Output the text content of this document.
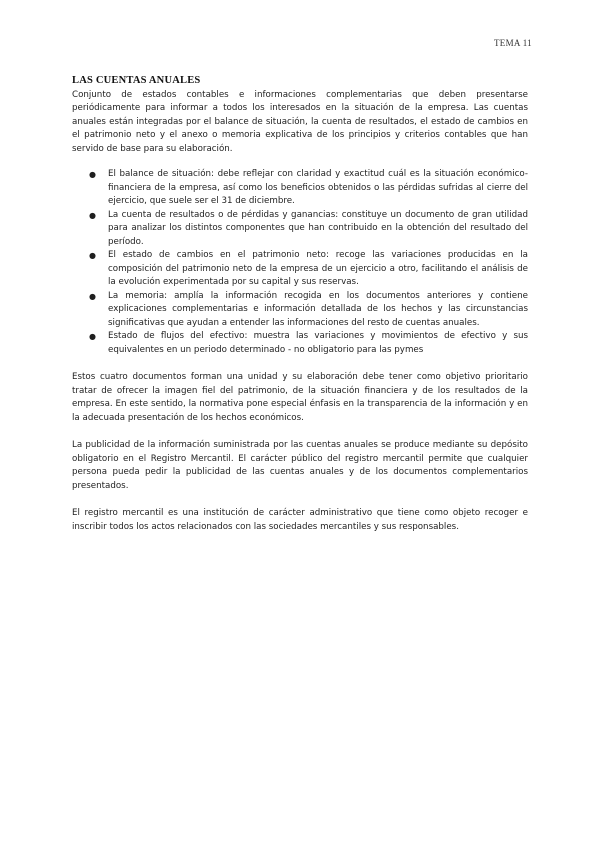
TEMA 11
LAS CUENTAS ANUALES

Conjunto de estados contables e informaciones complementarias que deben presentarse periódicamente para informar a todos los interesados en la situación de la empresa. Las cuentas anuales están integradas por el balance de situación, la cuenta de resultados, el estado de cambios en el patrimonio neto y el anexo o memoria explicativa de los principios y criterios contables que han servido de base para su elaboración.

● El balance de situación: debe reflejar con claridad y exactitud cuál es la situación económico-financiera de la empresa, así como los beneficios obtenidos o las pérdidas sufridas al cierre del ejercicio, que suele ser el 31 de diciembre.
● La cuenta de resultados o de pérdidas y ganancias: constituye un documento de gran utilidad para analizar los distintos componentes que han contribuido en la obtención del resultado del período.
● El estado de cambios en el patrimonio neto: recoge las variaciones producidas en la composición del patrimonio neto de la empresa de un ejercicio a otro, facilitando el análisis de la evolución experimentada por su capital y sus reservas.
● La memoria: amplía la información recogida en los documentos anteriores y contiene explicaciones complementarias e información detallada de los hechos y las circunstancias significativas que ayudan a entender las informaciones del resto de cuentas anuales.
● Estado de flujos del efectivo: muestra las variaciones y movimientos de efectivo y sus equivalentes en un periodo determinado - no obligatorio para las pymes

Estos cuatro documentos forman una unidad y su elaboración debe tener como objetivo prioritario tratar de ofrecer la imagen fiel del patrimonio, de la situación financiera y de los resultados de la empresa. En este sentido, la normativa pone especial énfasis en la transparencia de la información y en la adecuada presentación de los hechos económicos.

La publicidad de la información suministrada por las cuentas anuales se produce mediante su depósito obligatorio en el Registro Mercantil. El carácter público del registro mercantil permite que cualquier persona pueda pedir la publicidad de las cuentas anuales y de los documentos complementarios presentados.

El registro mercantil es una institución de carácter administrativo que tiene como objeto recoger e inscribir todos los actos relacionados con las sociedades mercantiles y sus responsables.
